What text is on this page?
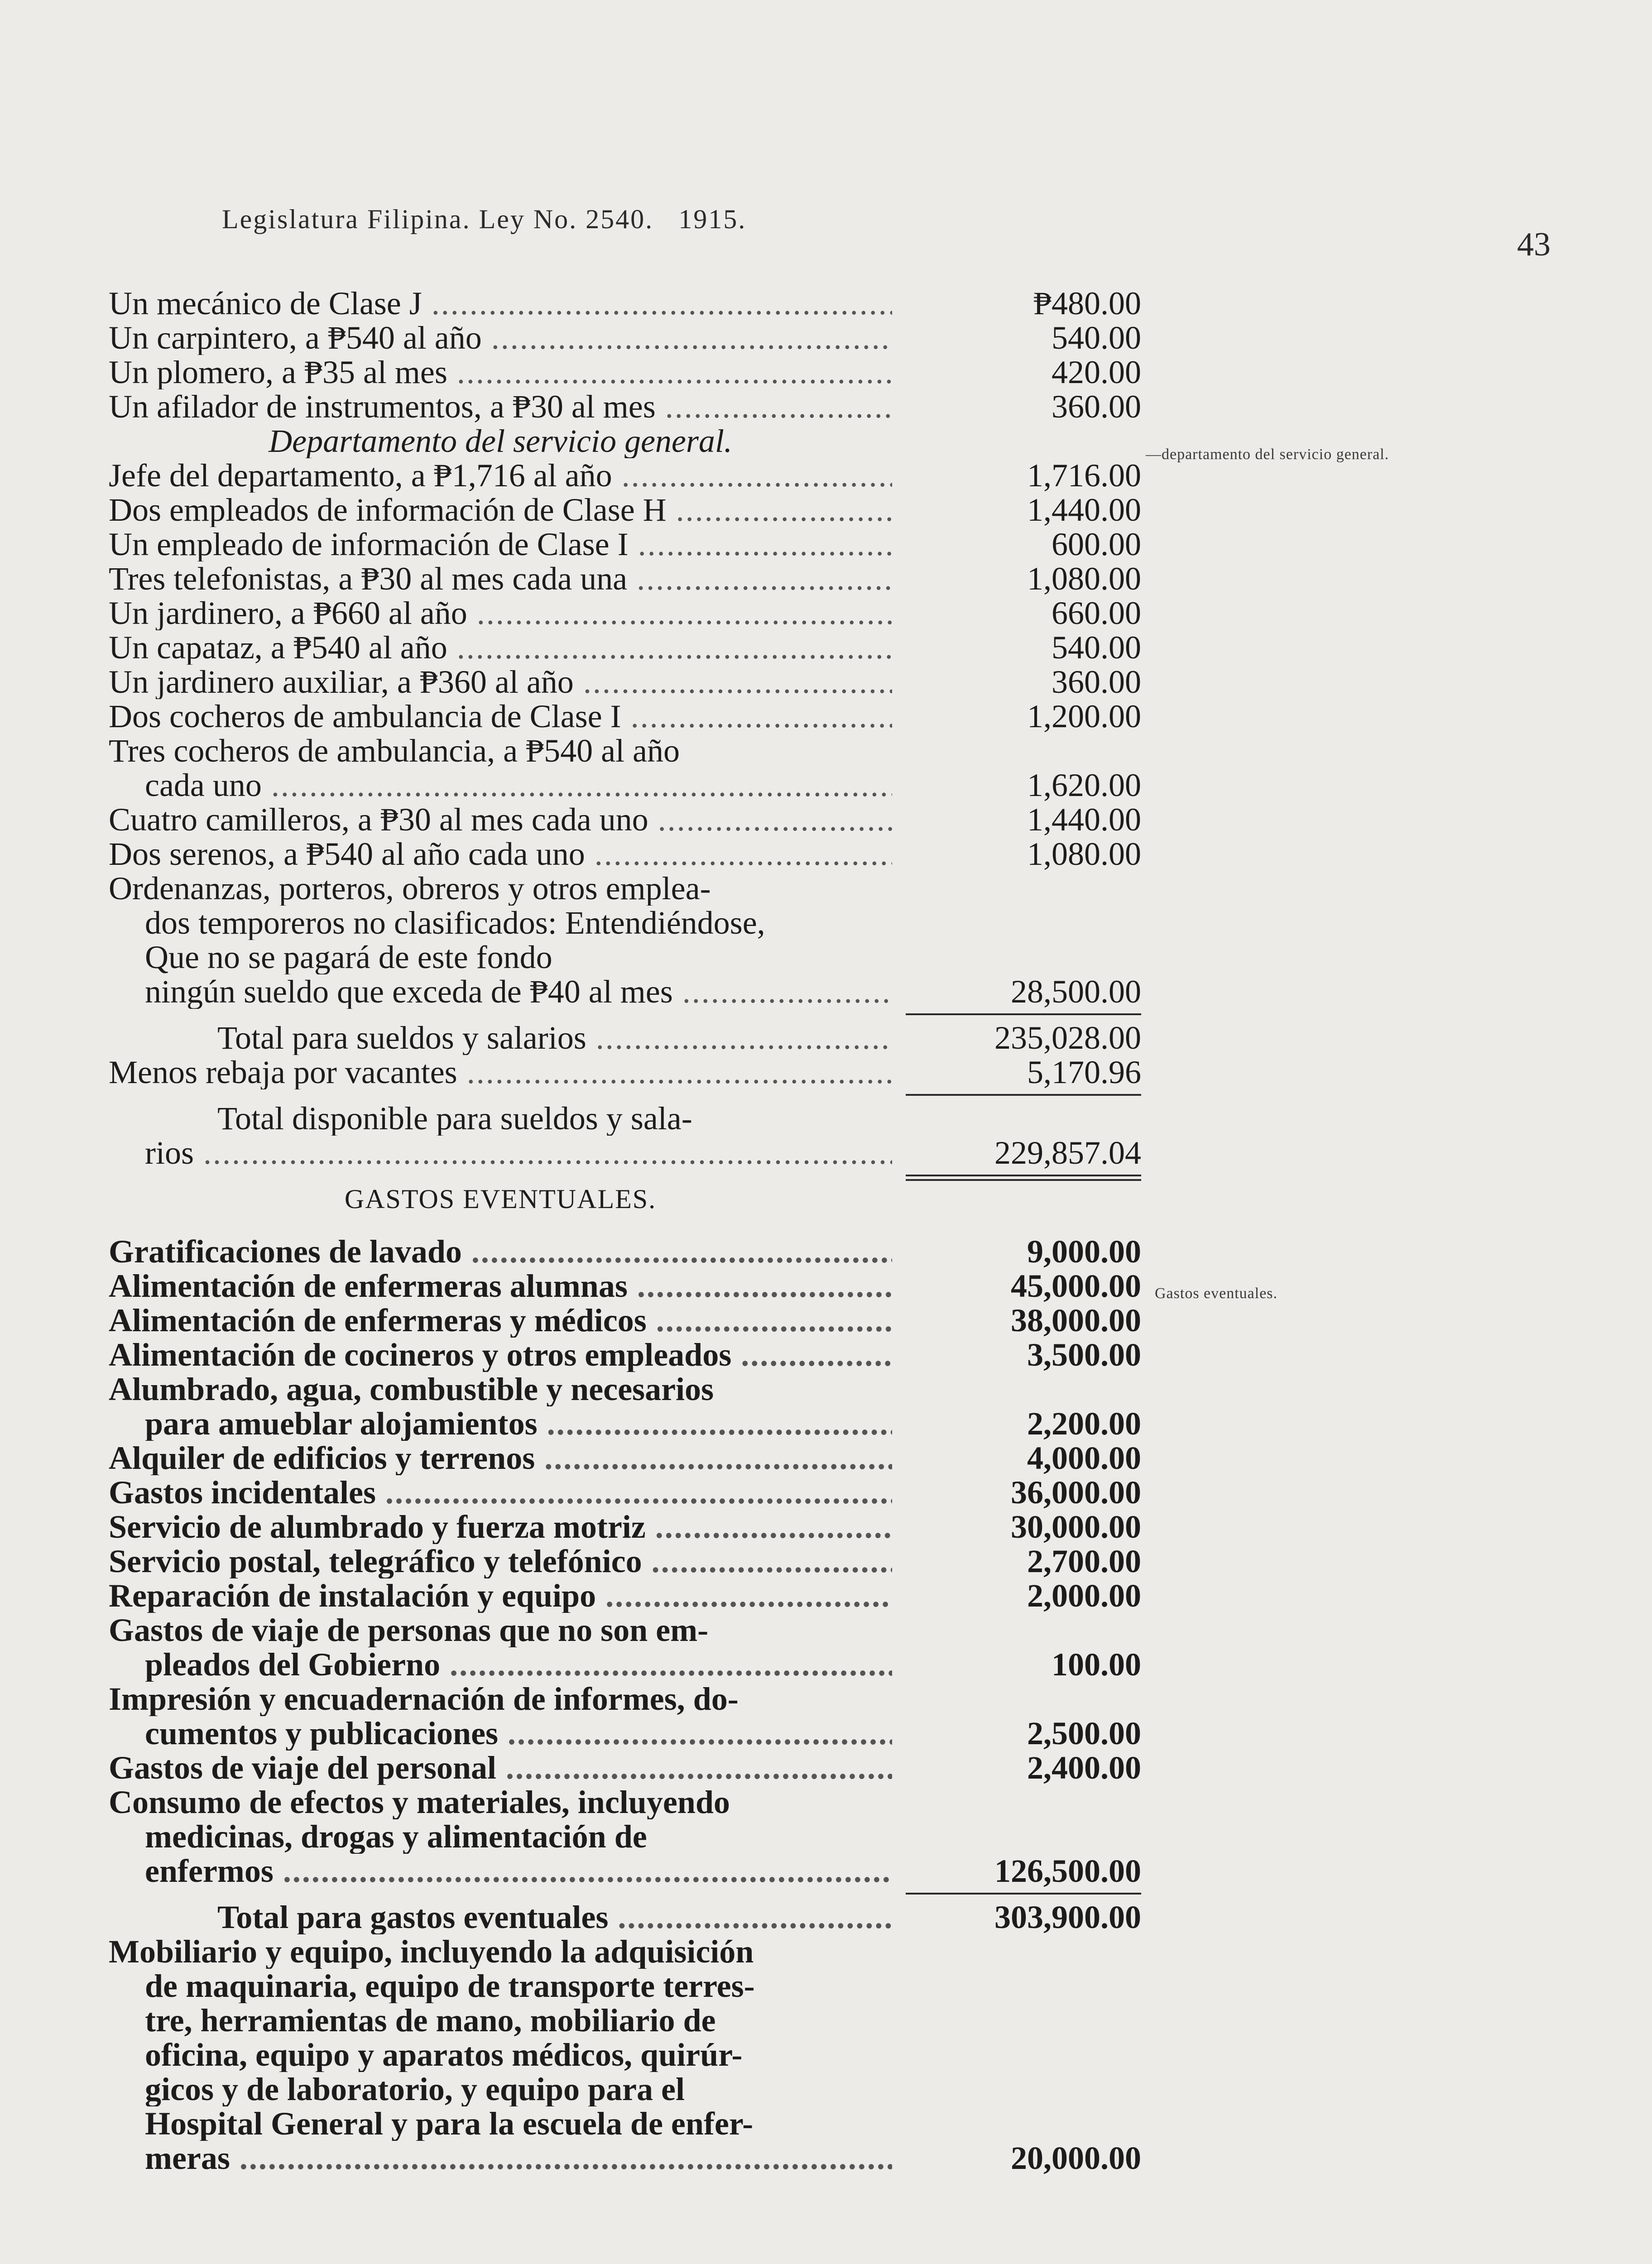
Legislatura Filipina. Ley No. 2540. 1915.
43
—departamento del servicio general.
Gastos eventuales.
Un mecánico de Clase J .....	₱480.00
Un carpintero, a ₱540 al año .....	540.00
Un plomero, a ₱35 al mes .....	420.00
Un afilador de instrumentos, a ₱30 al mes .....	360.00
Departamento del servicio general.
Jefe del departamento, a ₱1,716 al año .....	1,716.00
Dos empleados de información de Clase H .....	1,440.00
Un empleado de información de Clase I .....	600.00
Tres telefonistas, a ₱30 al mes cada una .....	1,080.00
Un jardinero, a ₱660 al año .....	660.00
Un capataz, a ₱540 al año .....	540.00
Un jardinero auxiliar, a ₱360 al año .....	360.00
Dos cocheros de ambulancia de Clase I .....	1,200.00
Tres cocheros de ambulancia, a ₱540 al año
cada uno .....	1,620.00
Cuatro camilleros, a ₱30 al mes cada uno .....	1,440.00
Dos serenos, a ₱540 al año cada uno .....	1,080.00
Ordenanzas, porteros, obreros y otros emplea-
dos temporeros no clasificados: Entendiéndose,
Que no se pagará de este fondo
ningún sueldo que exceda de ₱40 al mes .....	28,500.00
Total para sueldos y salarios .....	235,028.00
Menos rebaja por vacantes .....	5,170.96
Total disponible para sueldos y sala-
rios .....	229,857.04
GASTOS EVENTUALES.
Gratificaciones de lavado .....	9,000.00
Alimentación de enfermeras alumnas .....	45,000.00
Alimentación de enfermeras y médicos .....	38,000.00
Alimentación de cocineros y otros empleados .....	3,500.00
Alumbrado, agua, combustible y necesarios
para amueblar alojamientos .....	2,200.00
Alquiler de edificios y terrenos .....	4,000.00
Gastos incidentales .....	36,000.00
Servicio de alumbrado y fuerza motriz .....	30,000.00
Servicio postal, telegráfico y telefónico .....	2,700.00
Reparación de instalación y equipo .....	2,000.00
Gastos de viaje de personas que no son em-
pleados del Gobierno .....	100.00
Impresión y encuadernación de informes, do-
cumentos y publicaciones .....	2,500.00
Gastos de viaje del personal .....	2,400.00
Consumo de efectos y materiales, incluyendo
medicinas, drogas y alimentación de
enfermos .....	126,500.00
Total para gastos eventuales .....	303,900.00
Mobiliario y equipo, incluyendo la adquisición
de maquinaria, equipo de transporte terres-
tre, herramientas de mano, mobiliario de
oficina, equipo y aparatos médicos, quirúr-
gicos y de laboratorio, y equipo para el
Hospital General y para la escuela de enfer-
meras .....	20,000.00
